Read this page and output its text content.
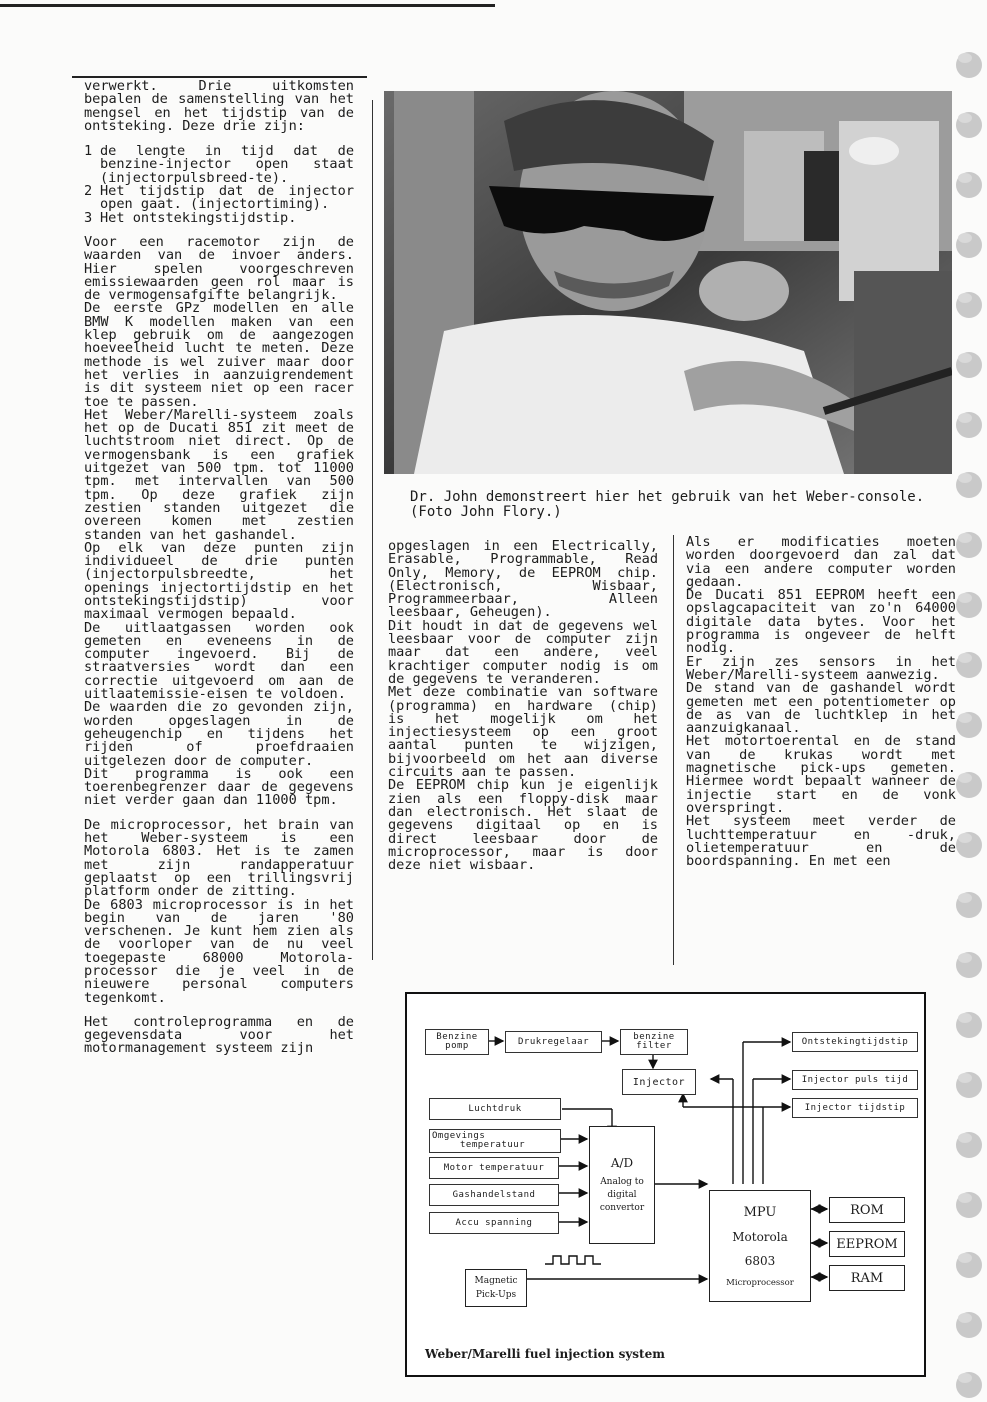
verwerkt. Drie uitkomsten bepalen de samenstelling van het mengsel en het tijdstip van de ontsteking. Deze drie zijn:

1 de lengte in tijd dat de benzine-injector open staat (injectorpulsbreed-te).
2 Het tijdstip dat de injector open gaat. (injectortiming).
3 Het ontstekingstijdstip.

Voor een racemotor zijn de waarden van de invoer anders. Hier spelen voorgeschreven emissiewaarden geen rol maar is de vermogensafgifte belangrijk.

De eerste GPz modellen en alle BMW K modellen maken van een klep gebruik om de aangezogen hoeveelheid lucht te meten. Deze methode is wel zuiver maar door het verlies in aanzuigrendement is dit systeem niet op een racer toe te passen.

Het Weber/Marelli-systeem zoals het op de Ducati 851 zit meet de luchtstroom niet direct. Op de vermogensbank is een grafiek uitgezet van 500 tpm. tot 11000 tpm. met intervallen van 500 tpm. Op deze grafiek zijn zestien standen uitgezet die overeen komen met zestien standen van het gashandel.

Op elk van deze punten zijn individueel de drie punten (injectorpulsbreedte, het openings injectortijdstip en het ontstekingstijdstip) voor maximaal vermogen bepaald.

De uitlaatgassen worden ook gemeten en eveneens in de computer ingevoerd. Bij de straatversies wordt dan een correctie uitgevoerd om aan de uitlaatemissie-eisen te voldoen.

De waarden die zo gevonden zijn, worden opgeslagen in de geheugenchip en tijdens het rijden of proefdraaien uitgelezen door de computer.

Dit programma is ook een toerenbegrenzer daar de gegevens niet verder gaan dan 11000 tpm.

De microprocessor, het brain van het Weber-systeem is een Motorola 6803. Het is te zamen met zijn randapperatuur geplaatst op een trillingsvrij platform onder de zitting.

De 6803 microprocessor is in het begin van de jaren '80 verschenen. Je kunt hem zien als de voorloper van de nu veel toegepaste 68000 Motorola-processor die je veel in de nieuwere personal computers tegenkomt.

Het controleprogramma en de gegevensdata voor het motormanagement systeem zijn

Dr. John demonstreert hier het gebruik van het Weber-console. (Foto John Flory.)

opgeslagen in een Electrically, Erasable, Programmable, Read Only, Memory, de EEPROM chip. (Electronisch, Wisbaar, Programmeerbaar, Alleen leesbaar, Geheugen).

Dit houdt in dat de gegevens wel leesbaar voor de computer zijn maar dat een andere, veel krachtiger computer nodig is om de gegevens te veranderen.

Met deze combinatie van software (programma) en hardware (chip) is het mogelijk om het injectiesysteem op een groot aantal punten te wijzigen, bijvoorbeeld om het aan diverse circuits aan te passen.

De EEPROM chip kun je eigenlijk zien als een floppy-disk maar dan electronisch. Het slaat de gegevens digitaal op en is direct leesbaar door de microprocessor, maar is door deze niet wisbaar.

Als er modificaties moeten worden doorgevoerd dan zal dat via een andere computer worden gedaan.

De Ducati 851 EEPROM heeft een opslagcapaciteit van zo'n 64000 digitale data bytes. Voor het programma is ongeveer de helft nodig.

Er zijn zes sensors in het Weber/Marelli-systeem aanwezig.

De stand van de gashandel wordt gemeten met een potentiometer op de as van de luchtklep in het aanzuigkanaal.

Het motortoerental en de stand van de krukas wordt met magnetische pick-ups gemeten. Hiermee wordt bepaalt wanneer de injectie start en de vonk overspringt.

Het systeem meet verder de luchttemperatuur en -druk, olietemperatuur en de boordspanning. En met een

Benzine pomp	Drukregelaar	benzine filter
Injector
Luchtdruk
Omgevings
temperatuur
Motor temperatuur
Gashandelstand
Accu spanning
A/D
Analog to digital convertor
Magnetic Pick-Ups
MPU
Motorola
6803
Microprocessor
ROM
EEPROM
RAM
Ontstekingtijdstip
Injector puls tijd
Injector tijdstip
Weber/Marelli fuel injection system
